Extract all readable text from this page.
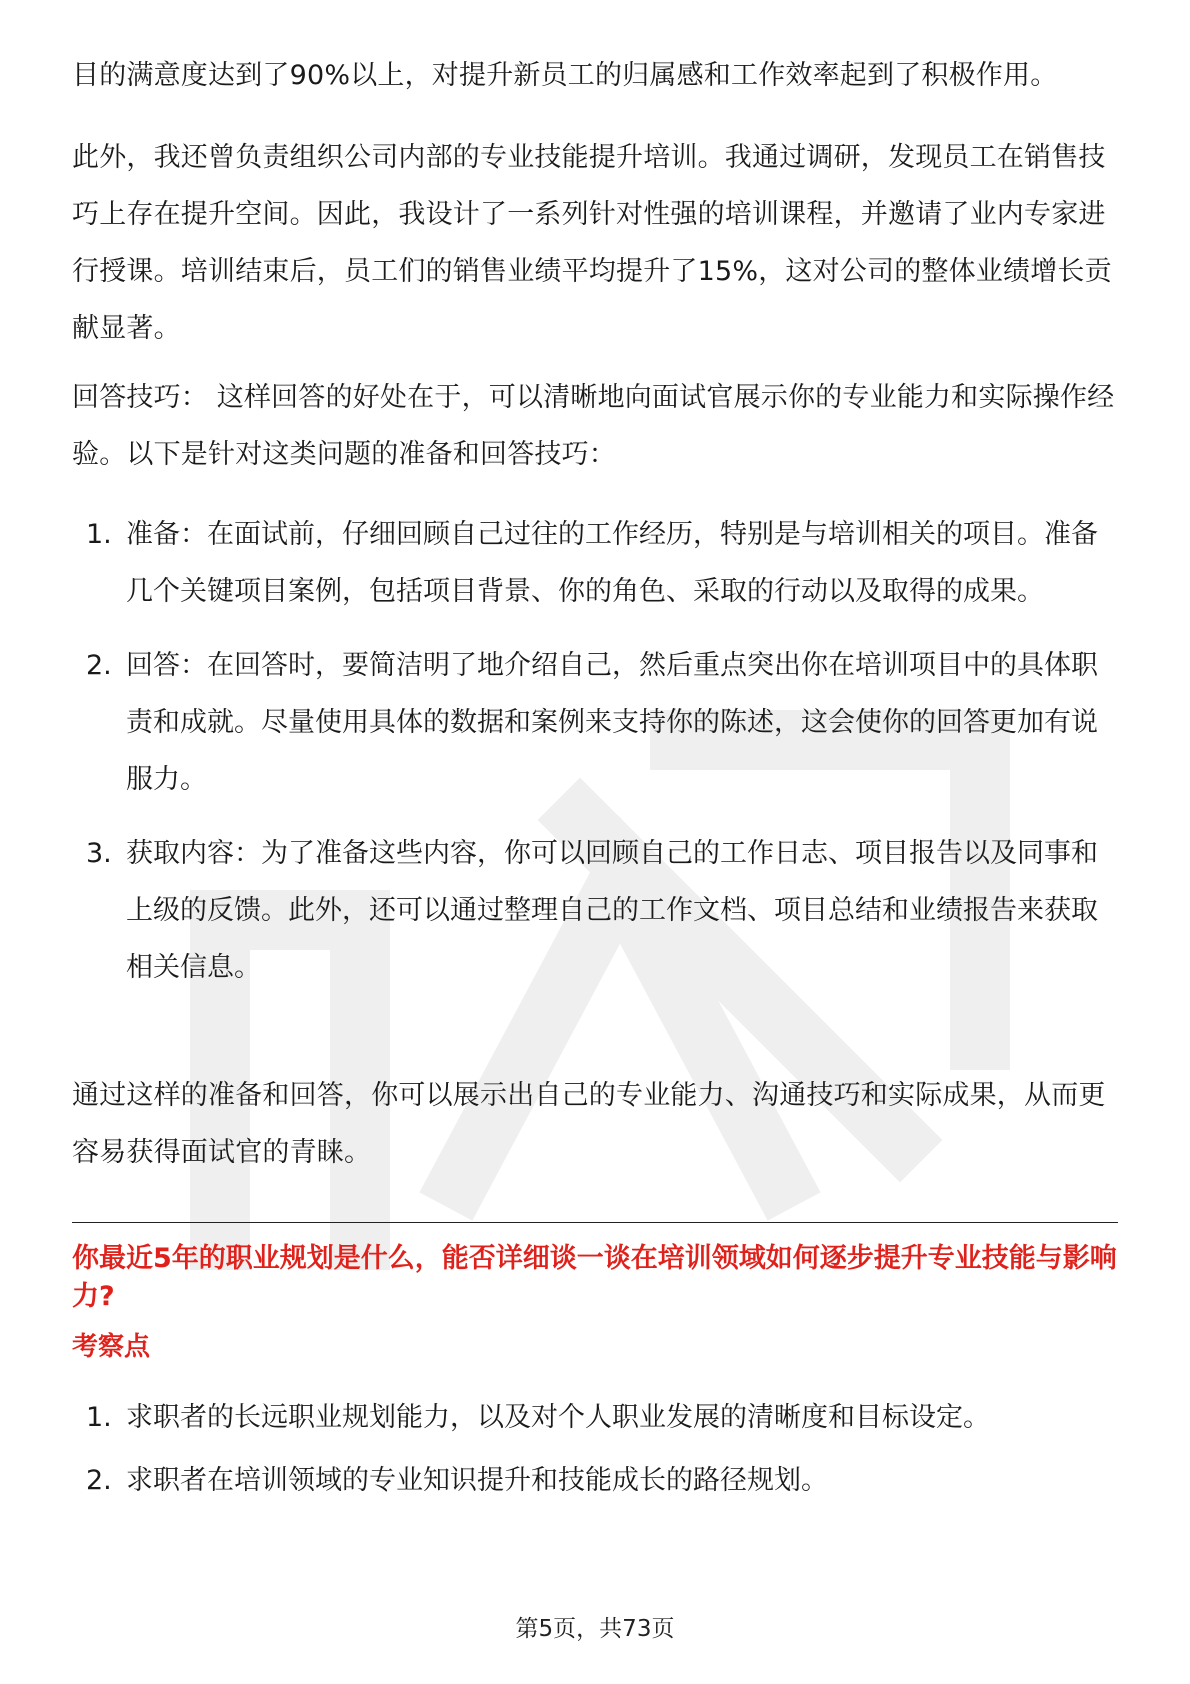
目的满意度达到了90%以上，对提升新员工的归属感和工作效率起到了积极作用。

此外，我还曾负责组织公司内部的专业技能提升培训。我通过调研，发现员工在销售技巧上存在提升空间。因此，我设计了一系列针对性强的培训课程，并邀请了业内专家进行授课。培训结束后，员工们的销售业绩平均提升了15%，这对公司的整体业绩增长贡献显著。

回答技巧： 这样回答的好处在于，可以清晰地向面试官展示你的专业能力和实际操作经验。以下是针对这类问题的准备和回答技巧：

1. 准备：在面试前，仔细回顾自己过往的工作经历，特别是与培训相关的项目。准备几个关键项目案例，包括项目背景、你的角色、采取的行动以及取得的成果。
2. 回答：在回答时，要简洁明了地介绍自己，然后重点突出你在培训项目中的具体职责和成就。尽量使用具体的数据和案例来支持你的陈述，这会使你的回答更加有说服力。
3. 获取内容：为了准备这些内容，你可以回顾自己的工作日志、项目报告以及同事和上级的反馈。此外，还可以通过整理自己的工作文档、项目总结和业绩报告来获取相关信息。

通过这样的准备和回答，你可以展示出自己的专业能力、沟通技巧和实际成果，从而更容易获得面试官的青睐。

你最近5年的职业规划是什么，能否详细谈一谈在培训领域如何逐步提升专业技能与影响力?
考察点
1. 求职者的长远职业规划能力，以及对个人职业发展的清晰度和目标设定。
2. 求职者在培训领域的专业知识提升和技能成长的路径规划。
第5页，共73页
